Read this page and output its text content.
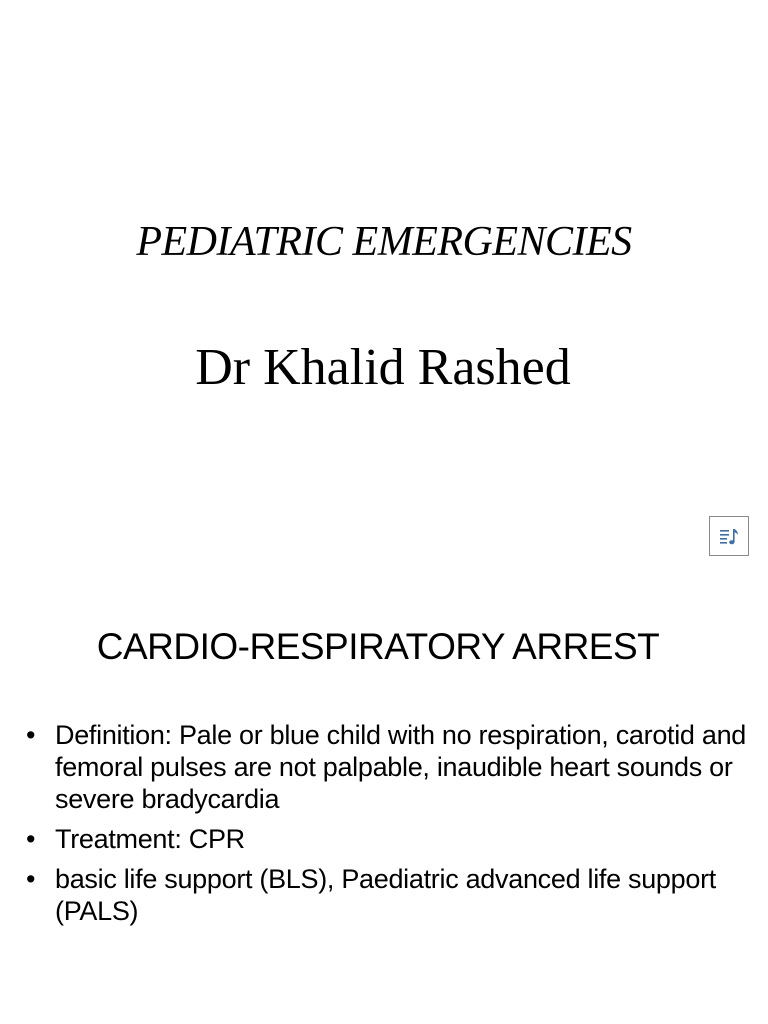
PEDIATRIC EMERGENCIES
Dr Khalid Rashed
CARDIO-RESPIRATORY ARREST
• Definition: Pale or blue child with no respiration, carotid and femoral pulses are not palpable, inaudible heart sounds or severe bradycardia
• Treatment: CPR
• basic life support (BLS), Paediatric advanced life support (PALS)
